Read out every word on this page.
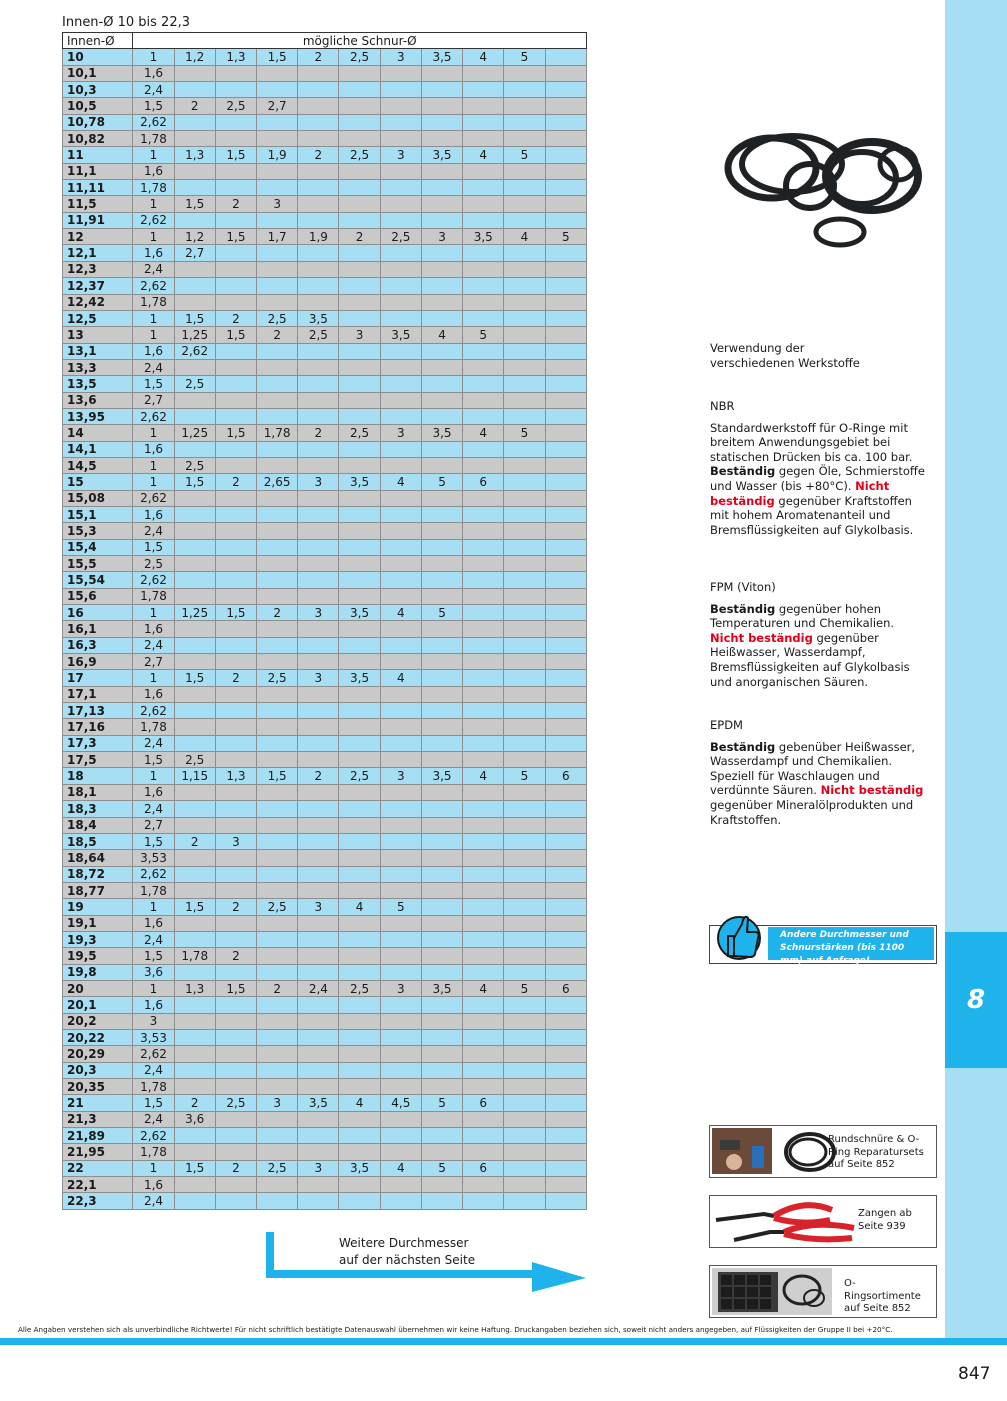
8
Innen-Ø 10 bis 22,3
Innen-Ø	mögliche Schnur-Ø										
10	1	1,2	1,3	1,5	2	2,5	3	3,5	4	5	
10,1	1,6										
10,3	2,4										
10,5	1,5	2	2,5	2,7							
10,78	2,62										
10,82	1,78										
11	1	1,3	1,5	1,9	2	2,5	3	3,5	4	5	
11,1	1,6										
11,11	1,78										
11,5	1	1,5	2	3							
11,91	2,62										
12	1	1,2	1,5	1,7	1,9	2	2,5	3	3,5	4	5
12,1	1,6	2,7									
12,3	2,4										
12,37	2,62										
12,42	1,78										
12,5	1	1,5	2	2,5	3,5						
13	1	1,25	1,5	2	2,5	3	3,5	4	5		
13,1	1,6	2,62									
13,3	2,4										
13,5	1,5	2,5									
13,6	2,7										
13,95	2,62										
14	1	1,25	1,5	1,78	2	2,5	3	3,5	4	5	
14,1	1,6										
14,5	1	2,5									
15	1	1,5	2	2,65	3	3,5	4	5	6		
15,08	2,62										
15,1	1,6										
15,3	2,4										
15,4	1,5										
15,5	2,5										
15,54	2,62										
15,6	1,78										
16	1	1,25	1,5	2	3	3,5	4	5			
16,1	1,6										
16,3	2,4										
16,9	2,7										
17	1	1,5	2	2,5	3	3,5	4				
17,1	1,6										
17,13	2,62										
17,16	1,78										
17,3	2,4										
17,5	1,5	2,5									
18	1	1,15	1,3	1,5	2	2,5	3	3,5	4	5	6
18,1	1,6										
18,3	2,4										
18,4	2,7										
18,5	1,5	2	3								
18,64	3,53										
18,72	2,62										
18,77	1,78										
19	1	1,5	2	2,5	3	4	5				
19,1	1,6										
19,3	2,4										
19,5	1,5	1,78	2								
19,8	3,6										
20	1	1,3	1,5	2	2,4	2,5	3	3,5	4	5	6
20,1	1,6										
20,2	3										
20,22	3,53										
20,29	2,62										
20,3	2,4										
20,35	1,78										
21	1,5	2	2,5	3	3,5	4	4,5	5	6		
21,3	2,4	3,6									
21,89	2,62										
21,95	1,78										
22	1	1,5	2	2,5	3	3,5	4	5	6		
22,1	1,6										
22,3	2,4										
Verwendung der
verschiedenen Werkstoffe
NBR
Standardwerkstoff für O-Ringe mit breitem Anwendungsgebiet bei statischen Drücken bis ca. 100 bar. Beständig gegen Öle, Schmierstoffe und Wasser (bis +80°C). Nicht beständig gegenüber Kraftstoffen mit hohem Aromatenanteil und Bremsflüssigkeiten auf Glykolbasis.
FPM (Viton)
Beständig gegenüber hohen Temperaturen und Chemikalien. Nicht beständig gegenüber Heißwasser, Wasserdampf, Bremsflüssigkeiten auf Glykolbasis und anorganischen Säuren.
EPDM
Beständig gebenüber Heißwasser, Wasserdampf und Chemikalien. Speziell für Waschlaugen und verdünnte Säuren. Nicht beständig gegenüber Mineralölprodukten und Kraftstoffen.
Andere Durchmesser und Schnurstärken (bis 1100 mm) auf Anfrage!
Rundschnüre & O-Ring Reparatursets auf Seite 852
Zangen ab Seite 939
O-Ringsortimente auf Seite 852
Weitere Durchmesser
auf der nächsten Seite
Alle Angaben verstehen sich als unverbindliche Richtwerte! Für nicht schriftlich bestätigte Datenauswahl übernehmen wir keine Haftung. Druckangaben beziehen sich, soweit nicht anders angegeben, auf Flüssigkeiten der Gruppe II bei +20°C.
847
